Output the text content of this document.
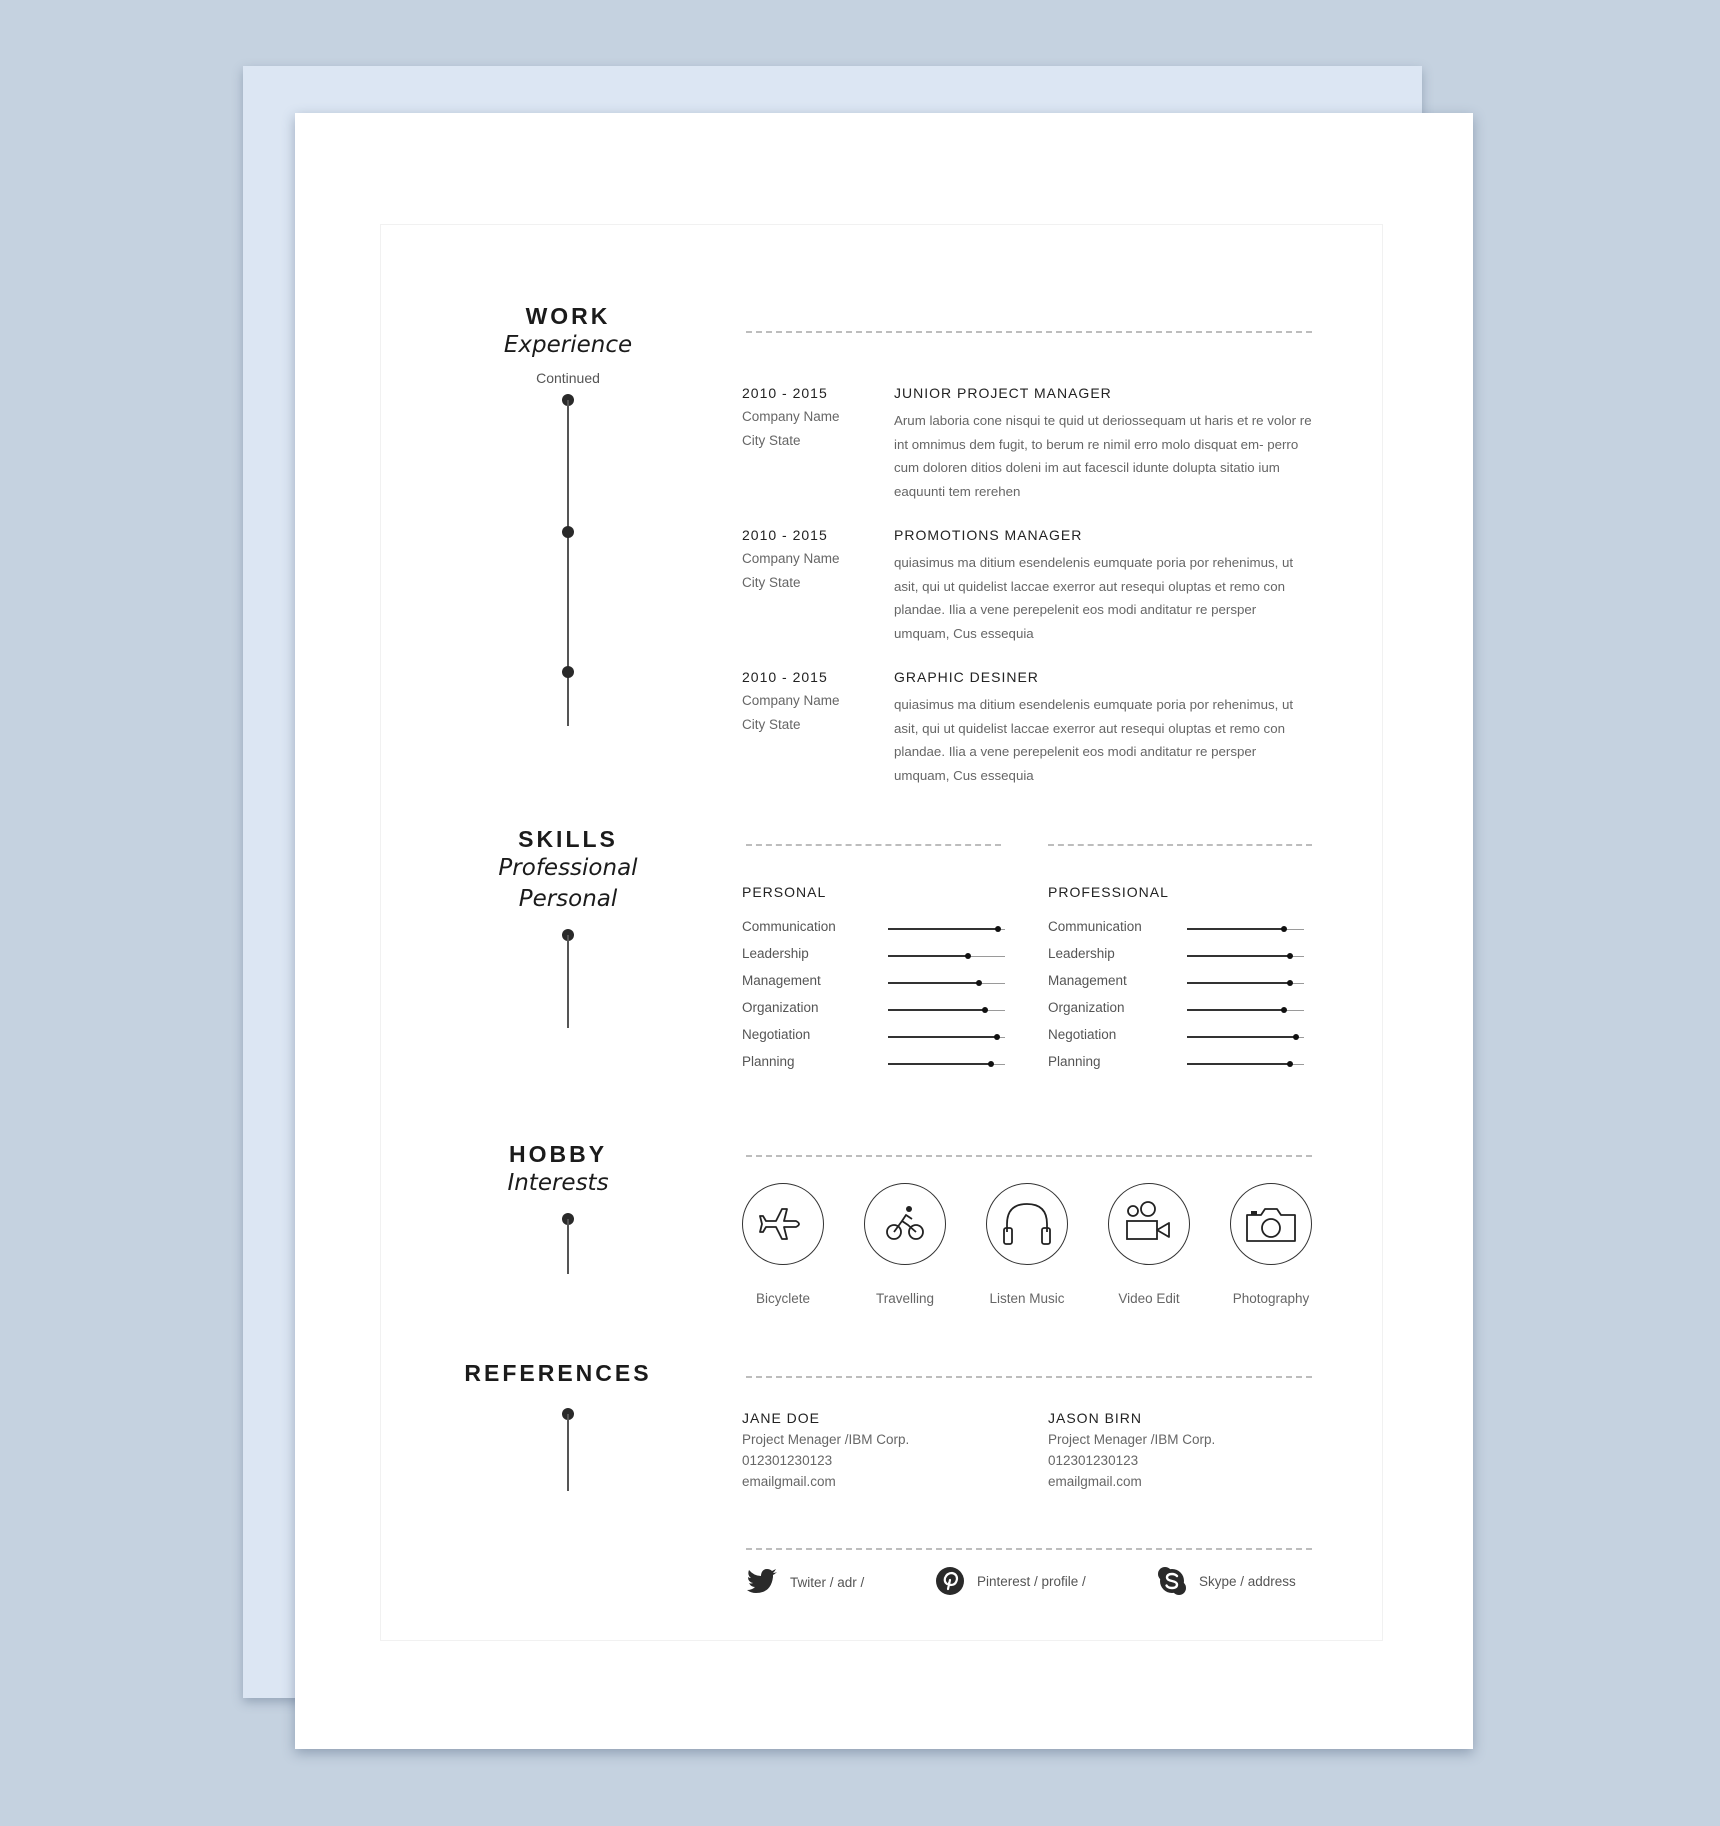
WORK
Experience
Continued
2010 - 2015
Company Name
City State
JUNIOR PROJECT MANAGER
Arum laboria cone nisqui te quid ut deriossequam ut haris et re volor re int omnimus dem fugit, to berum re nimil erro molo disquat em- perro cum doloren ditios doleni im aut facescil idunte dolupta sitatio ium eaquunti tem rerehen
2010 - 2015
Company Name
City State
PROMOTIONS MANAGER
quiasimus ma ditium esendelenis eumquate poria por rehenimus, ut asit, qui ut quidelist laccae exerror aut resequi oluptas et remo con plandae. Ilia a vene perepelenit eos modi anditatur re persper umquam, Cus essequia
2010 - 2015
Company Name
City State
GRAPHIC DESINER
quiasimus ma ditium esendelenis eumquate poria por rehenimus, ut asit, qui ut quidelist laccae exerror aut resequi oluptas et remo con plandae. Ilia a vene perepelenit eos modi anditatur re persper umquam, Cus essequia
SKILLS
Professional
Personal	PERSONAL	PROFESSIONAL
Communication
Leadership
Management
Organization
Negotiation
Planning
Communication
Leadership
Management
Organization
Negotiation
Planning
HOBBY
Interests
Bicyclete	Travelling	Listen Music	Video Edit	Photography
REFERENCES
JANE DOE
Project Menager /IBM Corp.
012301230123
emailgmail.com
JASON BIRN
Project Menager /IBM Corp.
012301230123
emailgmail.com
Twiter / adr /	Pinterest / profile /	Skype / address
